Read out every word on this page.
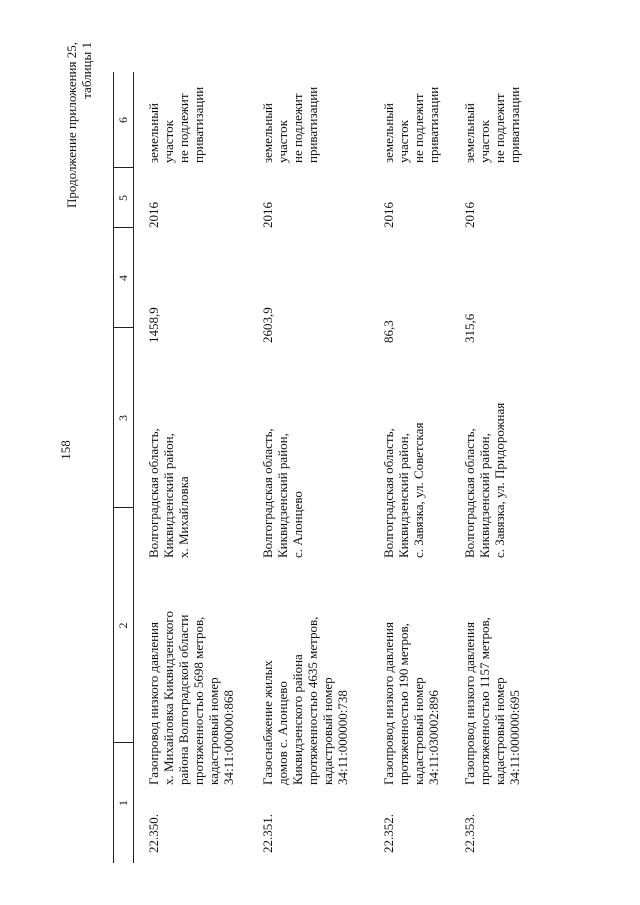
158
Продолжение приложения 25, таблицы 1
1
2
3
4
5
6
22.350.
Газопровод низкого давления
х. Михайловка Киквидзенского
района Волгоградской области
протяженностью 5698 метров,
кадастровый номер
34:11:000000:868
Волгоградская область,
Киквидзенский район,
х. Михайловка
1458,9
2016
земельный участок
не подлежит
приватизации
22.351.
Газоснабжение жилых
домов с. Алонцево
Киквидзенского района
протяженностью 4635 метров,
кадастровый номер
34:11:000000:738
Волгоградская область,
Киквидзенский район,
с. Алонцево
2603,9
2016
земельный участок
не подлежит
приватизации
22.352.
Газопровод низкого давления
протяженностью 190 метров,
кадастровый номер
34:11:030002:896
Волгоградская область,
Киквидзенский район,
с. Завязка, ул. Советская
86,3
2016
земельный участок
не подлежит
приватизации
22.353.
Газопровод низкого давления
протяженностью 1157 метров,
кадастровый номер
34:11:000000:695
Волгоградская область,
Киквидзенский район,
с. Завязка, ул. Придорожная
315,6
2016
земельный участок
не подлежит
приватизации
